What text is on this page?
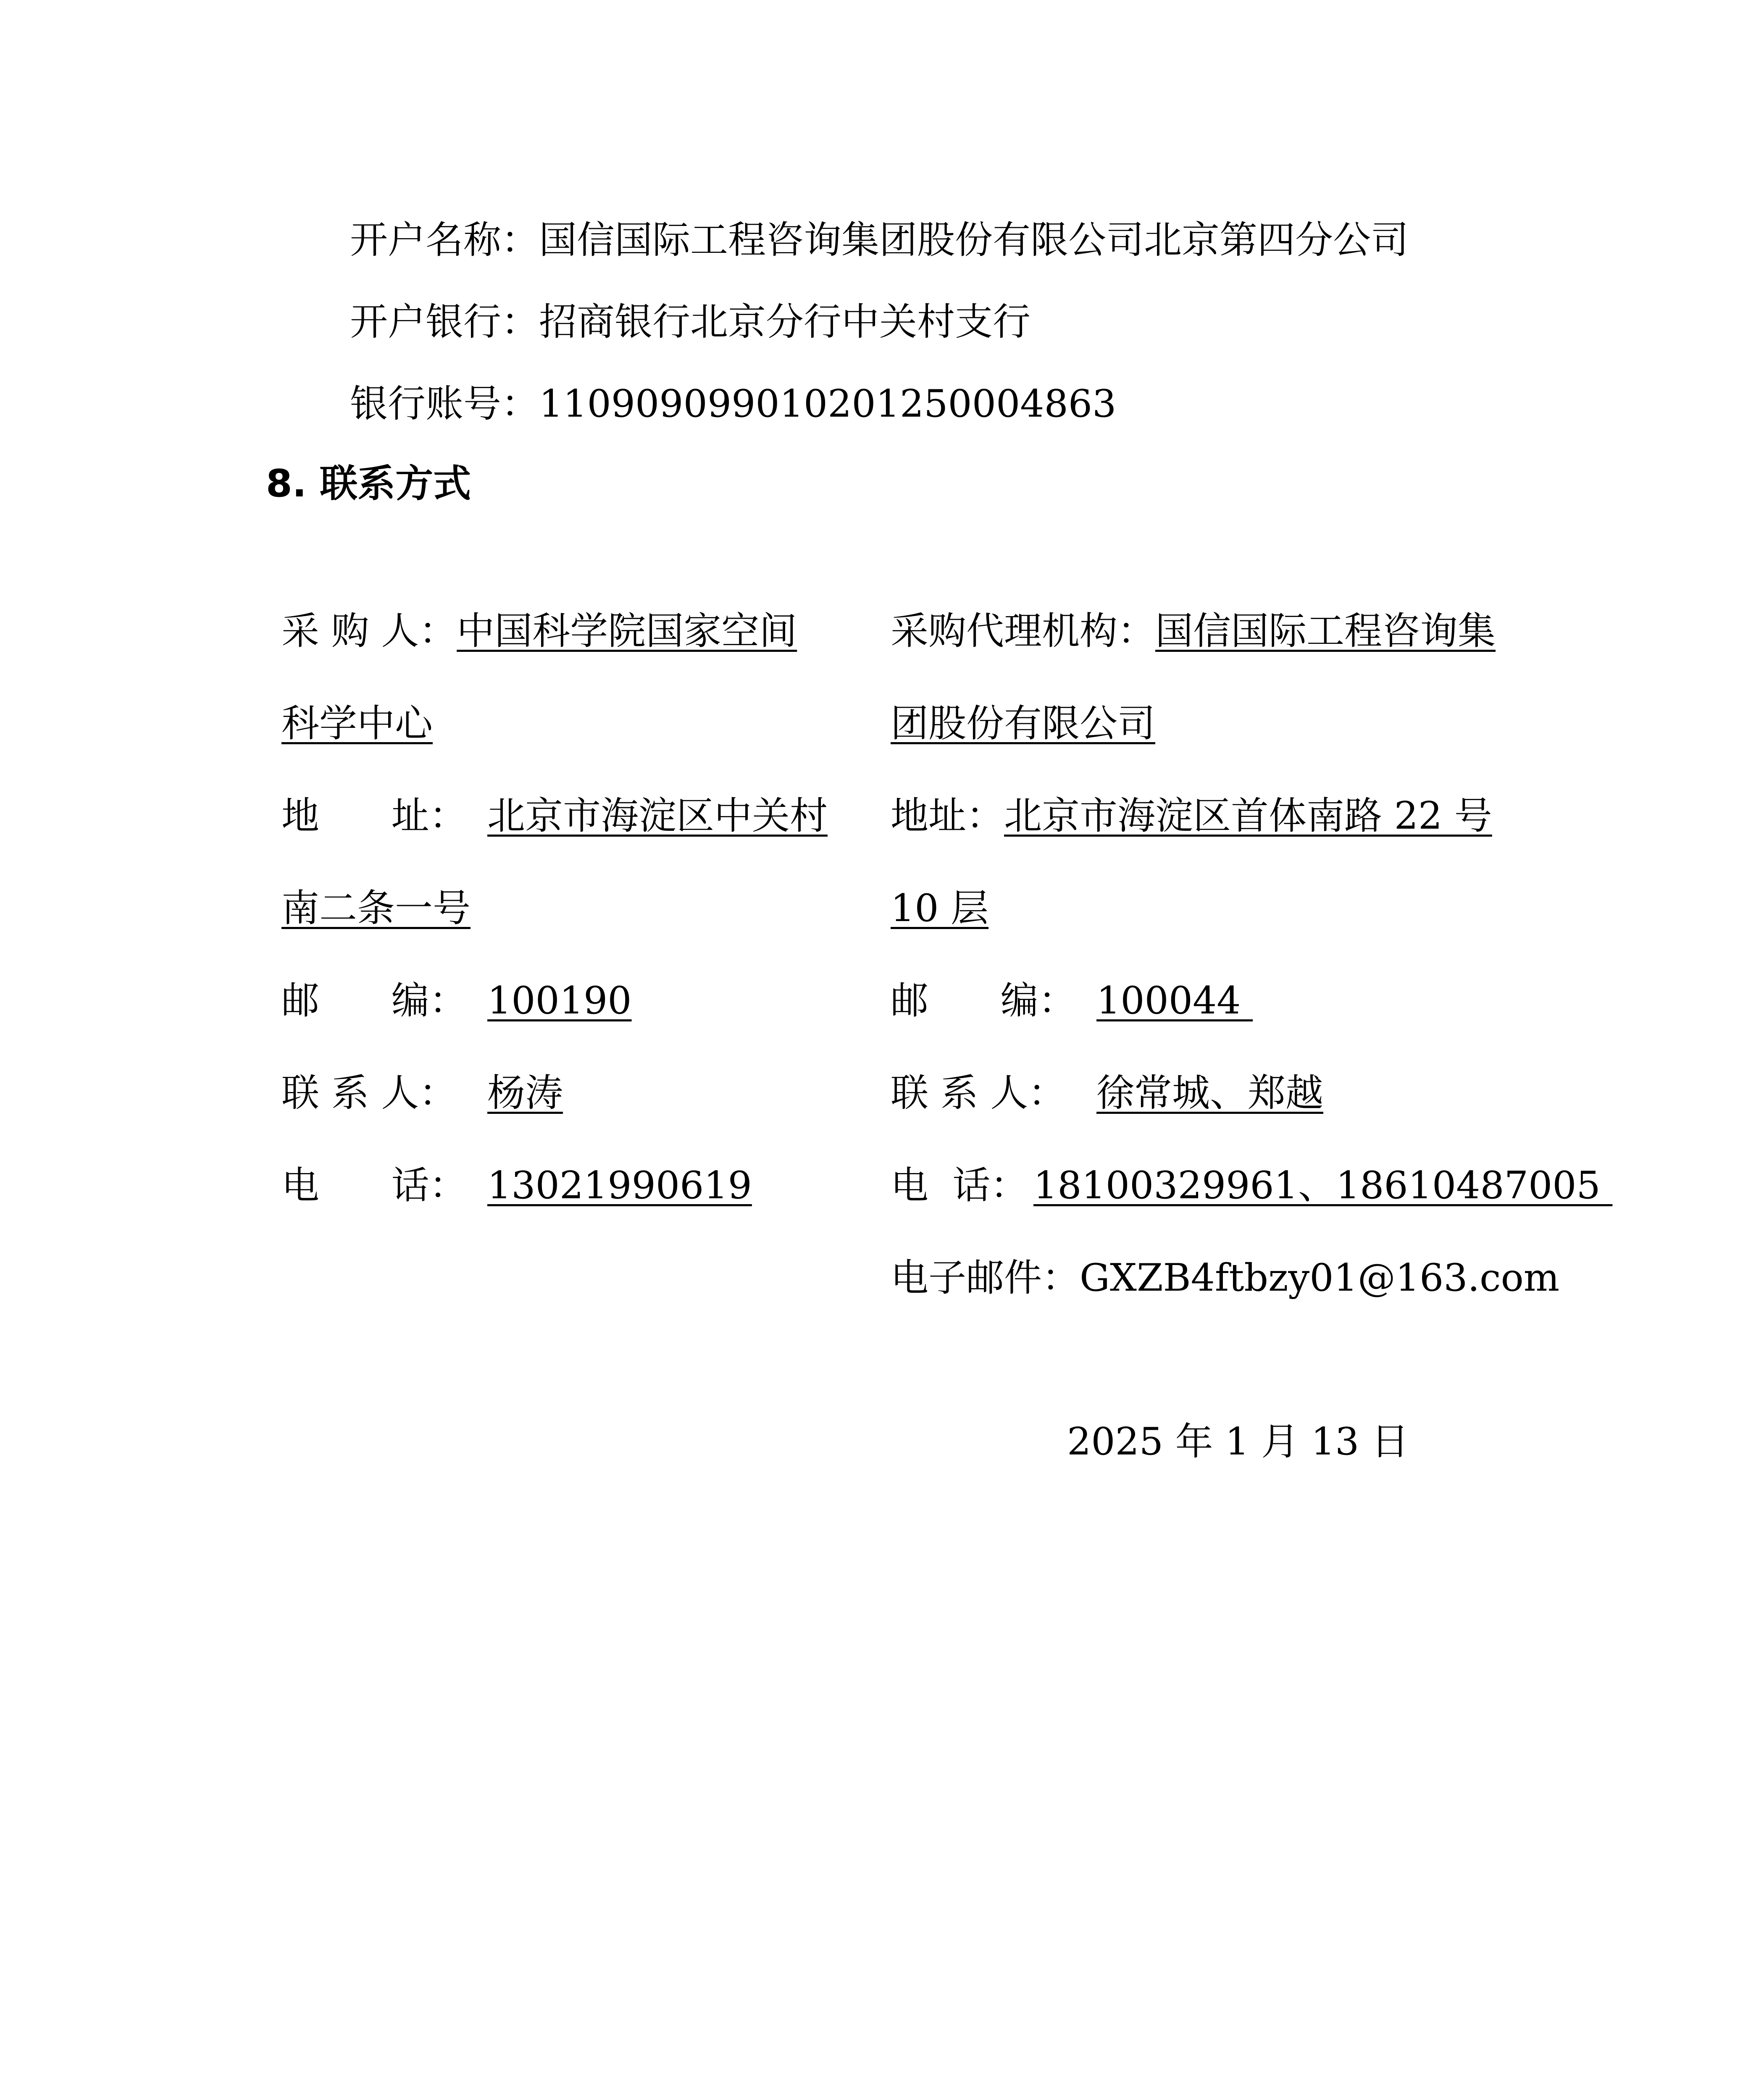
开户名称：国信国际工程咨询集团股份有限公司北京第四分公司
开户银行：招商银行北京分行中关村支行
银行账号：110909099010201250004863
8. 联系方式
采 购 人：中国科学院国家空间
科学中心
地      址： 北京市海淀区中关村
南二条一号
邮      编： 100190
联 系 人： 杨涛
电      话： 13021990619
采购代理机构：国信国际工程咨询集
团股份有限公司
地址：北京市海淀区首体南路 22 号
10 层
邮      编： 100044
联 系 人： 徐常城、郑越
电  话： 18100329961、18610487005
电子邮件：GXZB4ftbzy01@163.com
2025 年 1 月 13 日
